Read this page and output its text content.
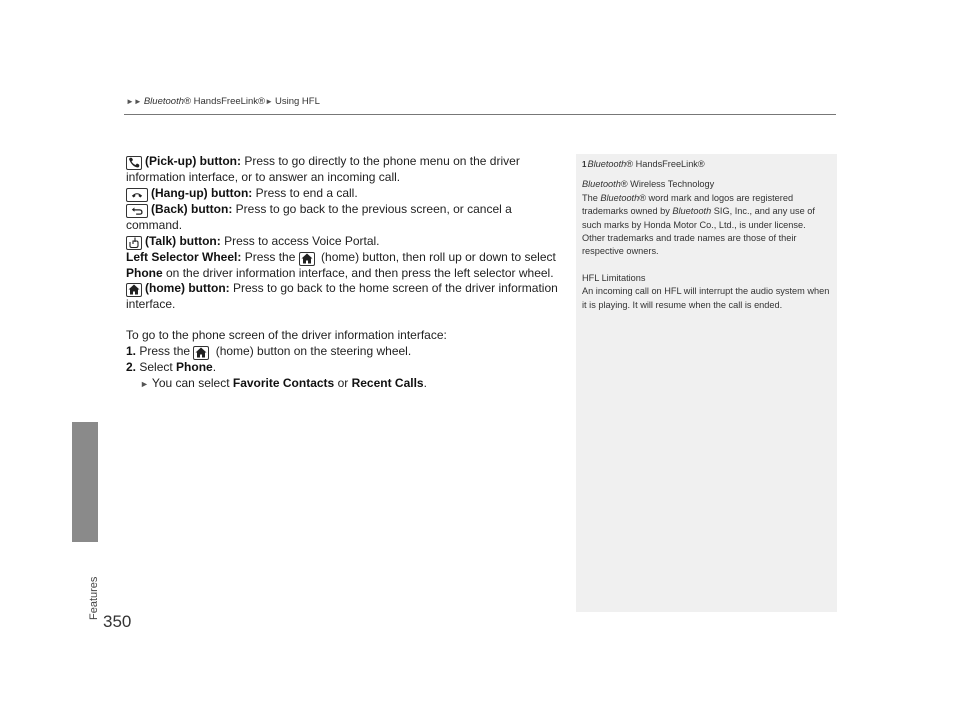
Features
350
►► Bluetooth® HandsFreeLink®► Using HFL

(Pick-up) button: Press to go directly to the phone menu on the driver information interface, or to answer an incoming call.

(Hang-up) button: Press to end a call.

(Back) button: Press to go back to the previous screen, or cancel a command.

(Talk) button: Press to access Voice Portal.

Left Selector Wheel: Press the  (home) button, then roll up or down to select Phone on the driver information interface, and then press the left selector wheel.

(home) button: Press to go back to the home screen of the driver information interface.

To go to the phone screen of the driver information interface:

1. Press the  (home) button on the steering wheel.

2. Select Phone.

► You can select Favorite Contacts or Recent Calls.

1Bluetooth® HandsFreeLink®

Bluetooth® Wireless Technology

The Bluetooth® word mark and logos are registered trademarks owned by Bluetooth SIG, Inc., and any use of such marks by Honda Motor Co., Ltd., is under license. Other trademarks and trade names are those of their respective owners.

HFL Limitations

An incoming call on HFL will interrupt the audio system when it is playing. It will resume when the call is ended.
